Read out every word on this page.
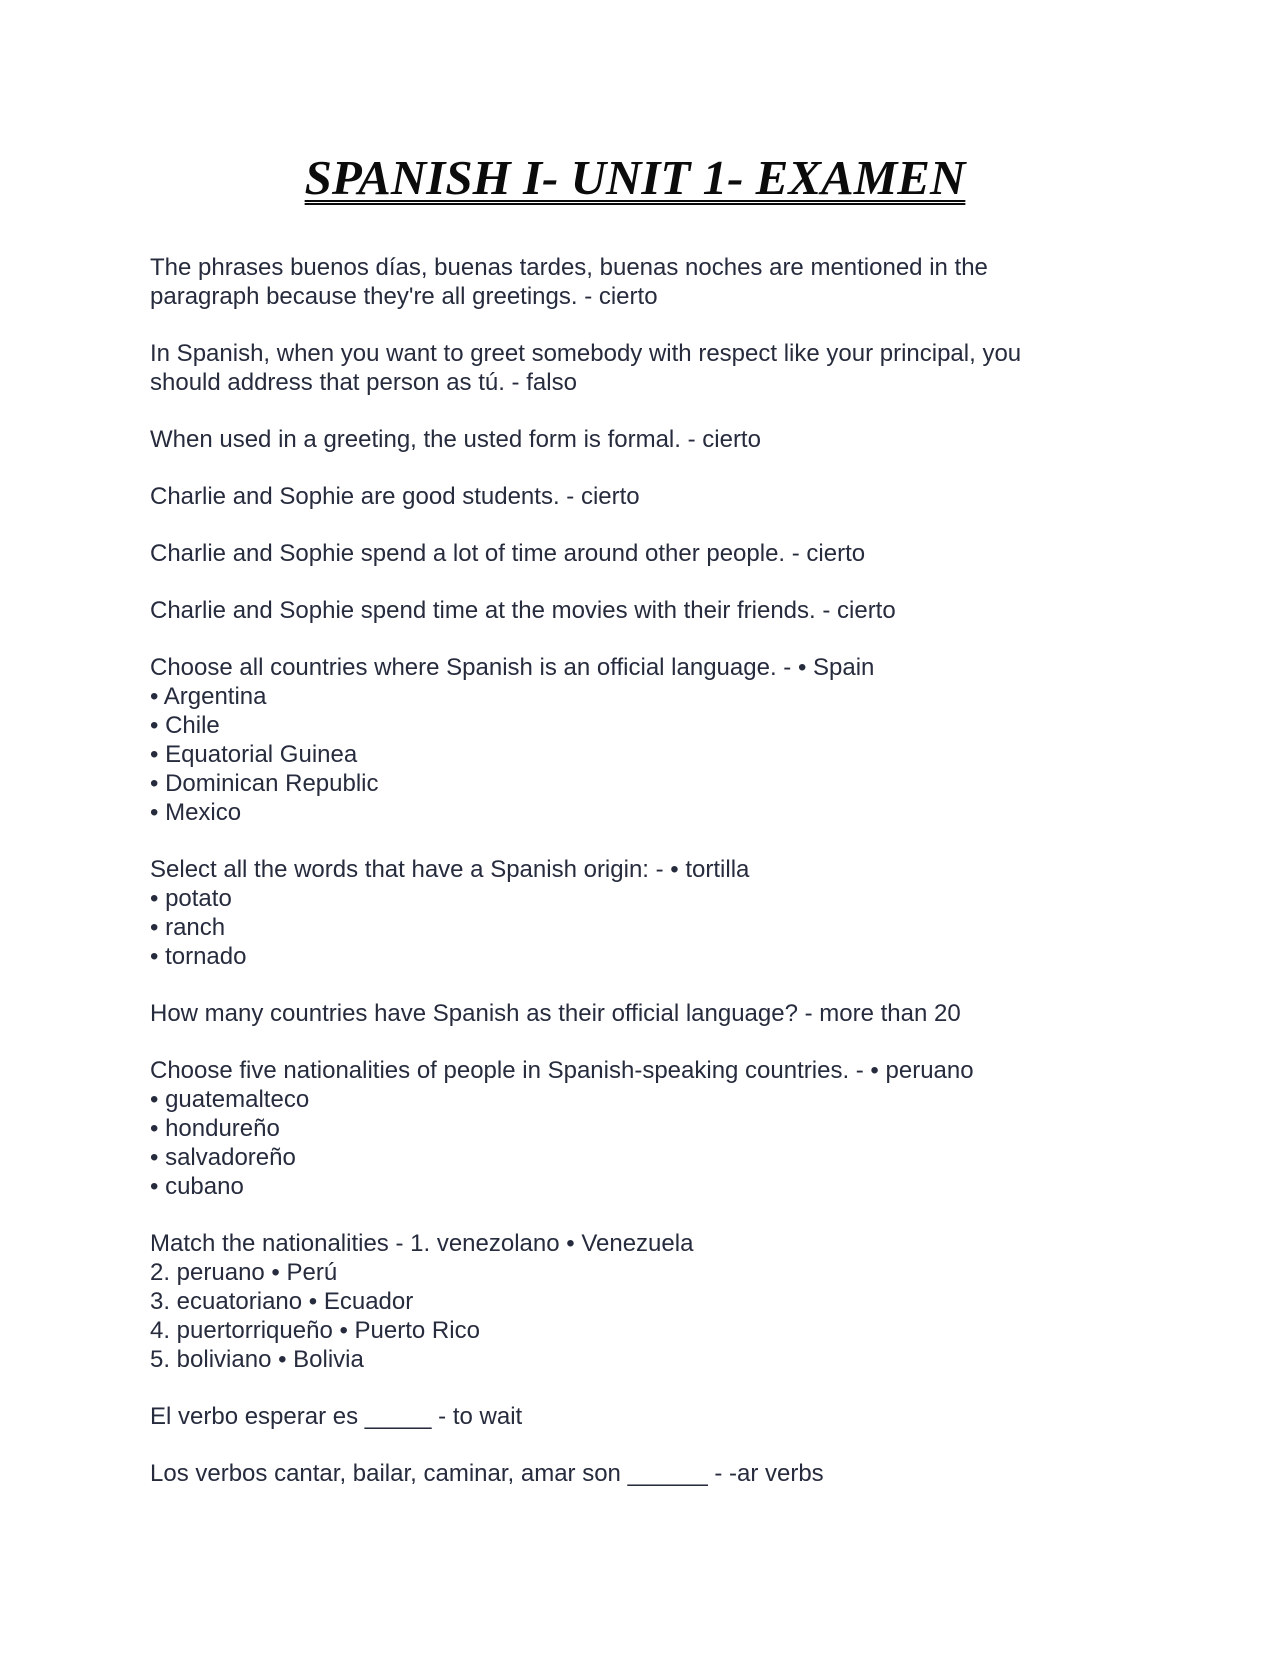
SPANISH I- UNIT 1- EXAMEN

The phrases buenos días, buenas tardes, buenas noches are mentioned in the
paragraph because they're all greetings. - cierto

In Spanish, when you want to greet somebody with respect like your principal, you
should address that person as tú. - falso

When used in a greeting, the usted form is formal. - cierto

Charlie and Sophie are good students. - cierto

Charlie and Sophie spend a lot of time around other people. - cierto

Charlie and Sophie spend time at the movies with their friends. - cierto

Choose all countries where Spanish is an official language. - • Spain
• Argentina
• Chile
• Equatorial Guinea
• Dominican Republic
• Mexico

Select all the words that have a Spanish origin: - • tortilla
• potato
• ranch
• tornado

How many countries have Spanish as their official language? - more than 20

Choose five nationalities of people in Spanish-speaking countries. - • peruano
• guatemalteco
• hondureño
• salvadoreño
• cubano

Match the nationalities - 1. venezolano • Venezuela
2. peruano • Perú
3. ecuatoriano • Ecuador
4. puertorriqueño • Puerto Rico
5. boliviano • Bolivia

El verbo esperar es _____ - to wait

Los verbos cantar, bailar, caminar, amar son ______ - -ar verbs
